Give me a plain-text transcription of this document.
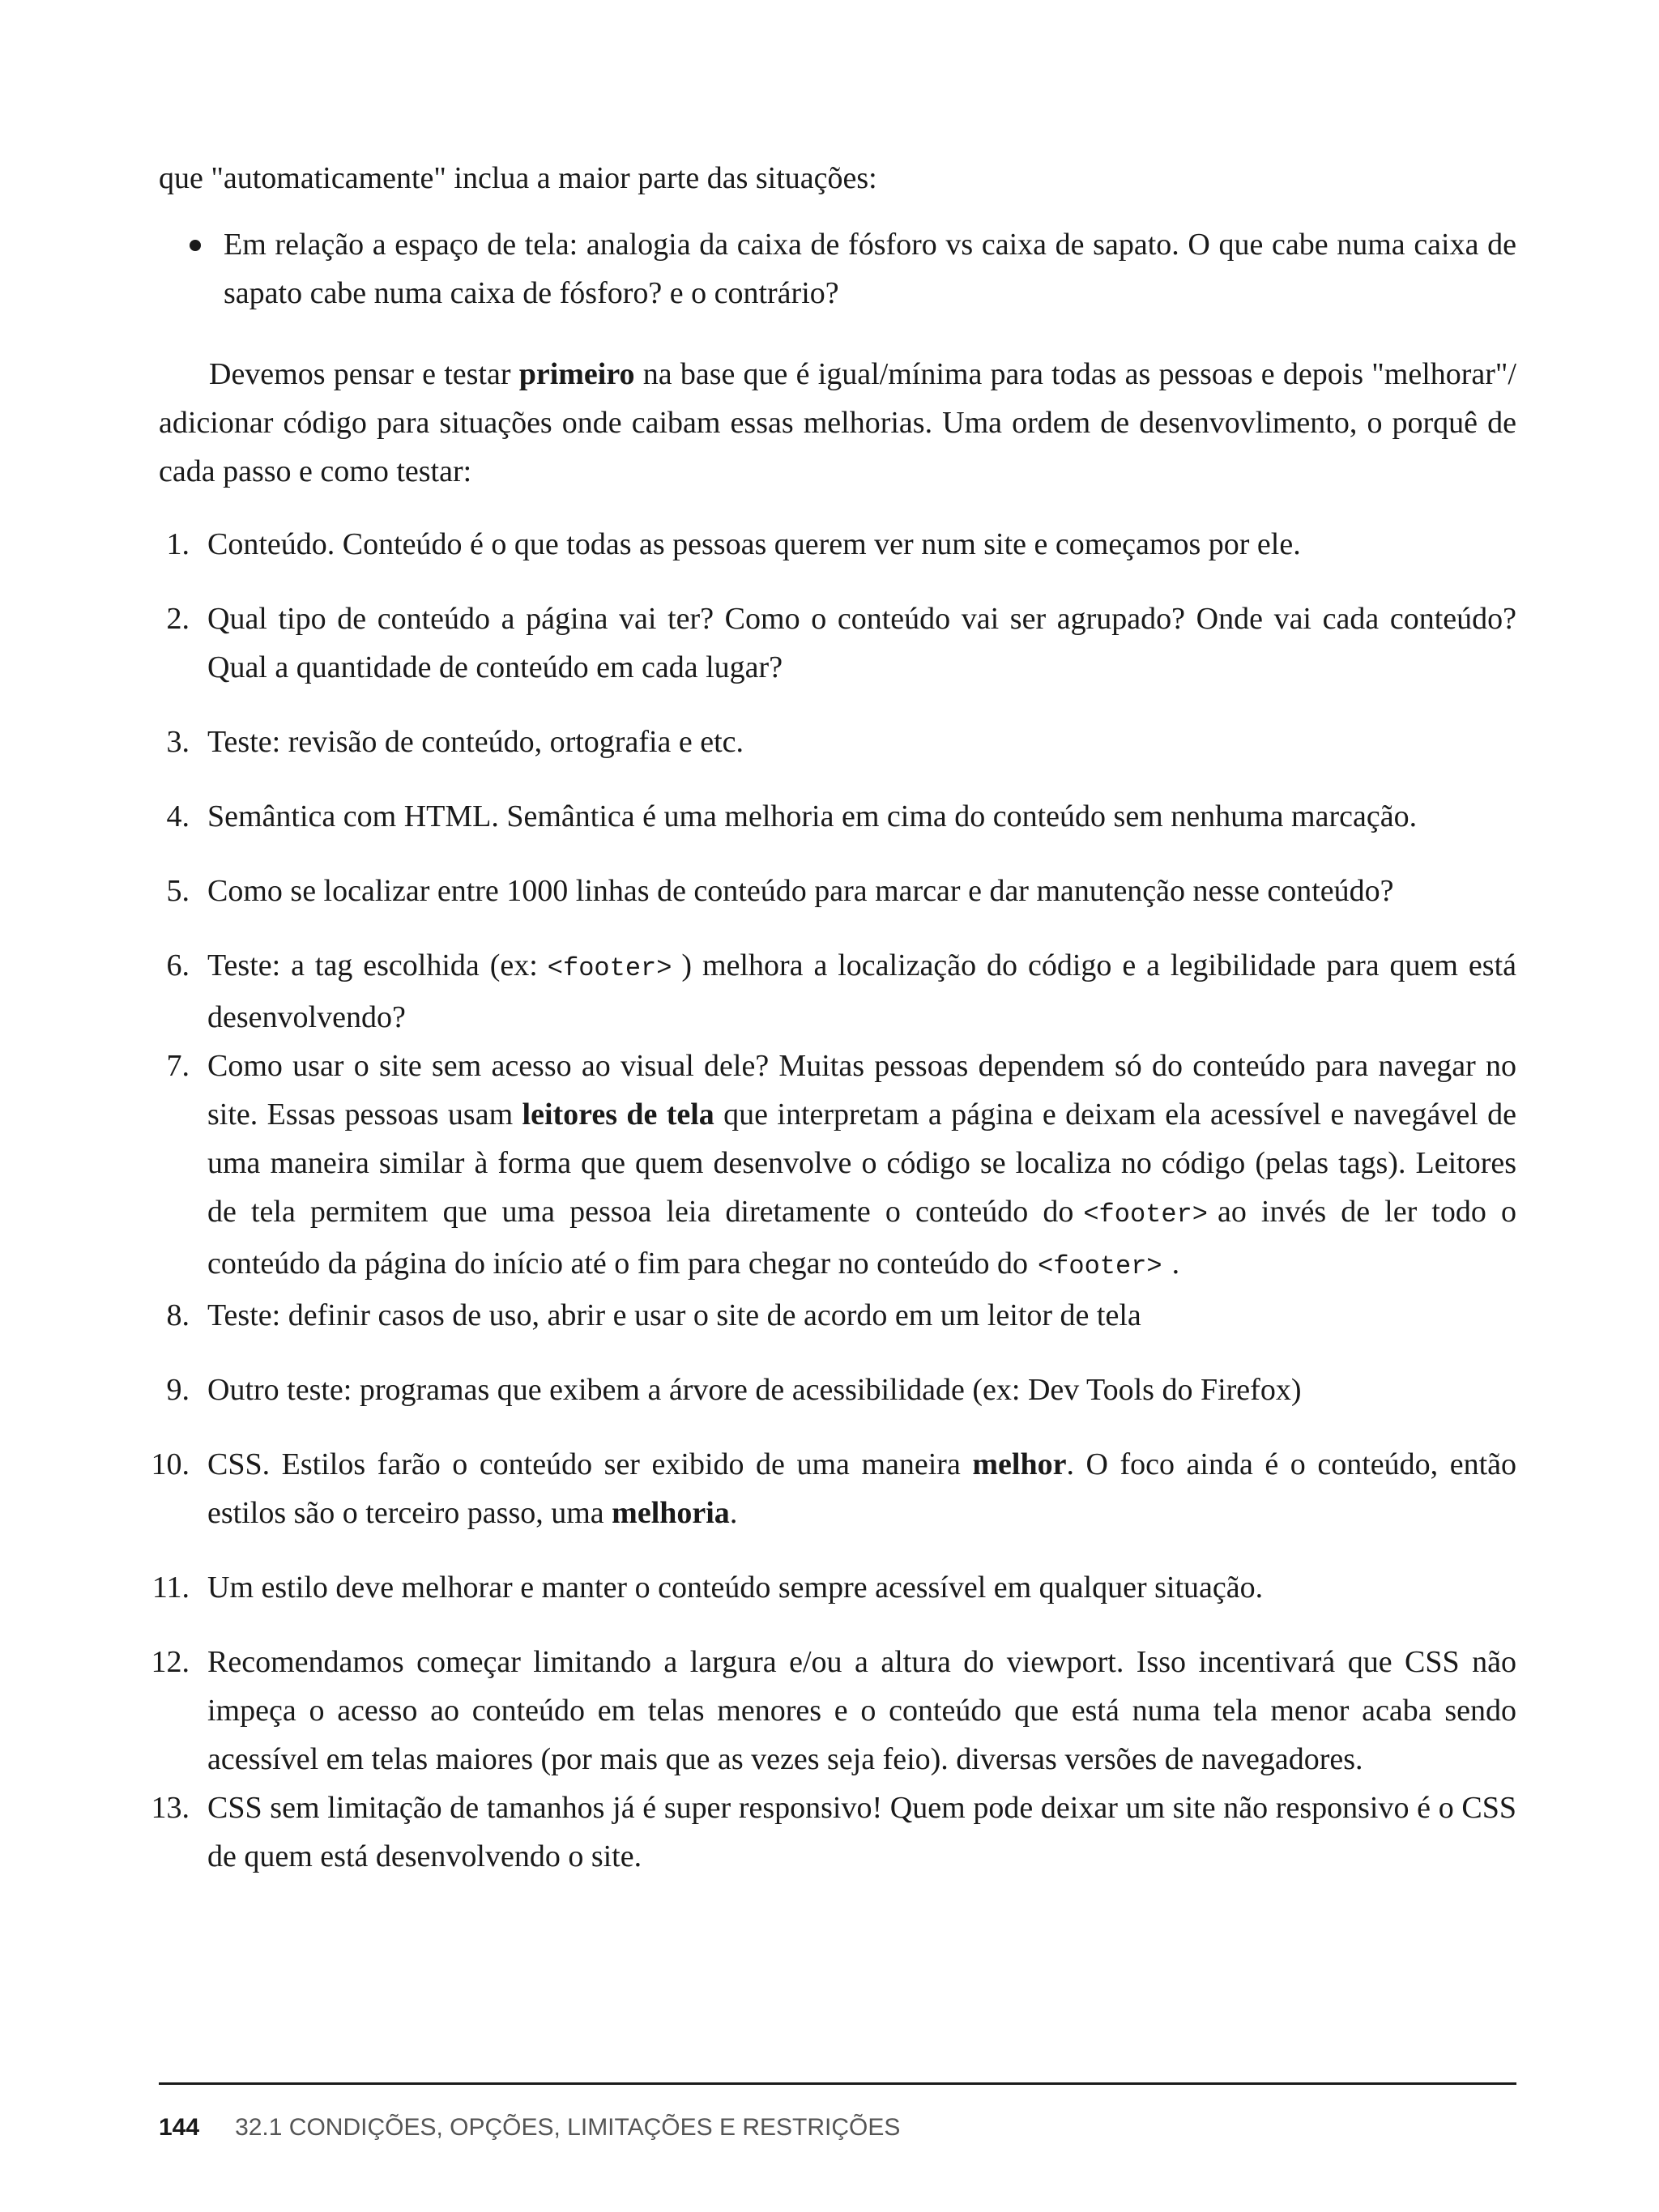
que "automaticamente" inclua a maior parte das situações:

Em relação a espaço de tela: analogia da caixa de fósforo vs caixa de sapato. O que cabe numa caixa de sapato cabe numa caixa de fósforo? e o contrário?

Devemos pensar e testar primeiro na base que é igual/mínima para todas as pessoas e depois "melhorar"/ adicionar código para situações onde caibam essas melhorias. Uma ordem de desenvovlimento, o porquê de cada passo e como testar:

1. Conteúdo. Conteúdo é o que todas as pessoas querem ver num site e começamos por ele.
2. Qual tipo de conteúdo a página vai ter? Como o conteúdo vai ser agrupado? Onde vai cada conteúdo? Qual a quantidade de conteúdo em cada lugar?
3. Teste: revisão de conteúdo, ortografia e etc.
4. Semântica com HTML. Semântica é uma melhoria em cima do conteúdo sem nenhuma marcação.
5. Como se localizar entre 1000 linhas de conteúdo para marcar e dar manutenção nesse conteúdo?
6. Teste: a tag escolhida (ex: <footer> ) melhora a localização do código e a legibilidade para quem está desenvolvendo?
7. Como usar o site sem acesso ao visual dele? Muitas pessoas dependem só do conteúdo para navegar no site. Essas pessoas usam leitores de tela que interpretam a página e deixam ela acessível e navegável de uma maneira similar à forma que quem desenvolve o código se localiza no código (pelas tags). Leitores de tela permitem que uma pessoa leia diretamente o conteúdo do <footer> ao invés de ler todo o conteúdo da página do início até o fim para chegar no conteúdo do <footer> .
8. Teste: definir casos de uso, abrir e usar o site de acordo em um leitor de tela
9. Outro teste: programas que exibem a árvore de acessibilidade (ex: Dev Tools do Firefox)
10. CSS. Estilos farão o conteúdo ser exibido de uma maneira melhor. O foco ainda é o conteúdo, então estilos são o terceiro passo, uma melhoria.
11. Um estilo deve melhorar e manter o conteúdo sempre acessível em qualquer situação.
12. Recomendamos começar limitando a largura e/ou a altura do viewport. Isso incentivará que CSS não impeça o acesso ao conteúdo em telas menores e o conteúdo que está numa tela menor acaba sendo acessível em telas maiores (por mais que as vezes seja feio). diversas versões de navegadores.
13. CSS sem limitação de tamanhos já é super responsivo! Quem pode deixar um site não responsivo é o CSS de quem está desenvolvendo o site.
144 32.1 CONDIÇÕES, OPÇÕES, LIMITAÇÕES E RESTRIÇÕES
